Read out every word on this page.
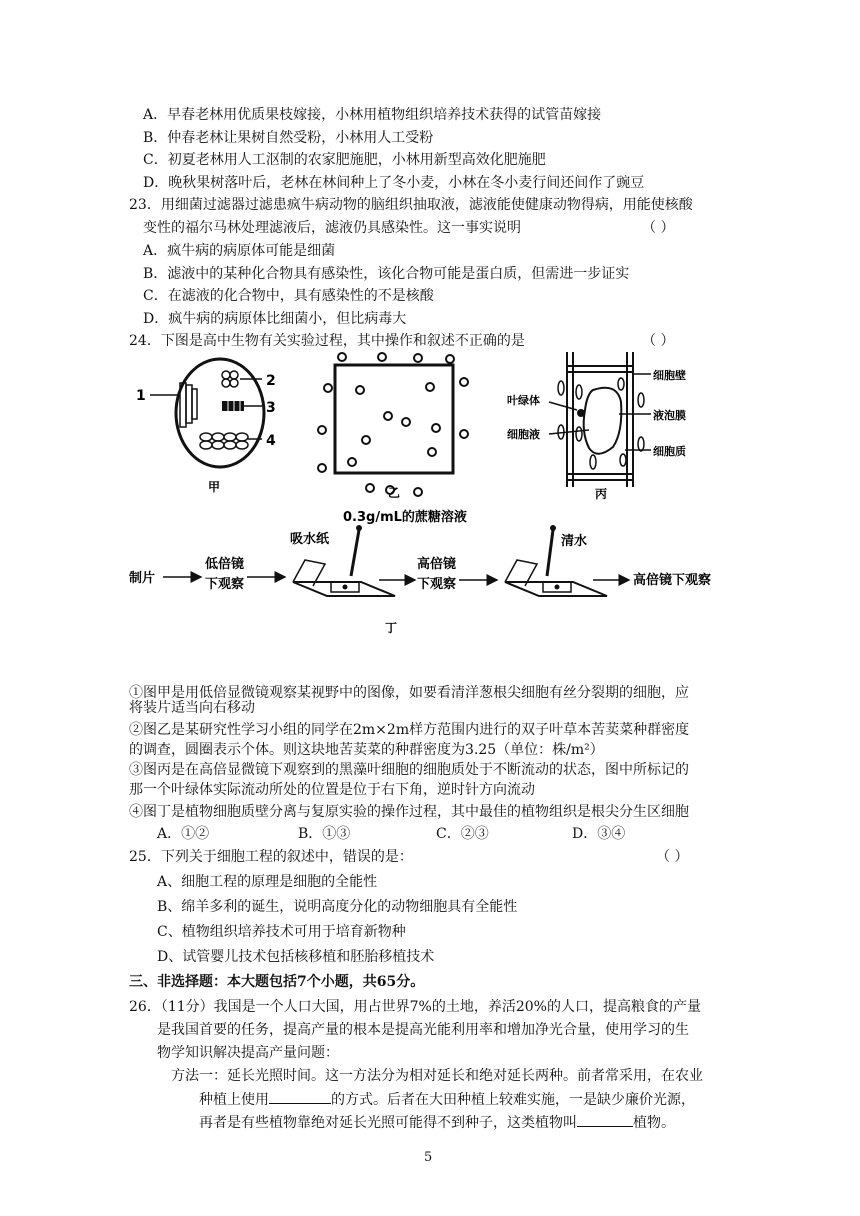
A．早春老林用优质果枝嫁接，小林用植物组织培养技术获得的试管苗嫁接
B．仲春老林让果树自然受粉，小林用人工受粉
C．初夏老林用人工沤制的农家肥施肥，小林用新型高效化肥施肥
D．晚秋果树落叶后，老林在林间种上了冬小麦，小林在冬小麦行间还间作了豌豆
23．用细菌过滤器过滤患疯牛病动物的脑组织抽取液，滤液能使健康动物得病，用能使核酸
变性的福尔马林处理滤液后，滤液仍具感染性。这一事实说明	（ ）
A．疯牛病的病原体可能是细菌
B．滤液中的某种化合物具有感染性，该化合物可能是蛋白质，但需进一步证实
C．在滤液的化合物中，具有感染性的不是核酸
D．疯牛病的病原体比细菌小，但比病毒大
24．下图是高中生物有关实验过程，其中操作和叙述不正确的是	（ ）
1
2
3
4
甲	乙
细胞壁
叶绿体
液泡膜
细胞液
细胞质
丙
0.3g/mL的蔗糖溶液
吸水纸	清水
制片
低倍镜
下观察
高倍镜
下观察	高倍镜下观察
丁
①图甲是用低倍显微镜观察某视野中的图像，如要看清洋葱根尖细胞有丝分裂期的细胞，应
将装片适当向右移动
②图乙是某研究性学习小组的同学在2m×2m样方范围内进行的双子叶草本苦荬菜种群密度
的调查，圆圈表示个体。则这块地苦荬菜的种群密度为3.25（单位：株/m²）
③图丙是在高倍显微镜下观察到的黑藻叶细胞的细胞质处于不断流动的状态，图中所标记的
那一个叶绿体实际流动所处的位置是位于右下角，逆时针方向流动
④图丁是植物细胞质壁分离与复原实验的操作过程，其中最佳的植物组织是根尖分生区细胞
A．①②	B．①③	C．②③	D．③④
25．下列关于细胞工程的叙述中，错误的是：	（ ）
A、细胞工程的原理是细胞的全能性
B、绵羊多利的诞生，说明高度分化的动物细胞具有全能性
C、植物组织培养技术可用于培育新物种
D、试管婴儿技术包括核移植和胚胎移植技术
三、非选择题：本大题包括7个小题，共65分。
26．（11分）我国是一个人口大国，用占世界7%的土地，养活20%的人口，提高粮食的产量
是我国首要的任务，提高产量的根本是提高光能利用率和增加净光合量，使用学习的生
物学知识解决提高产量问题：
方法一：延长光照时间。这一方法分为相对延长和绝对延长两种。前者常采用，在农业
种植上使用	的方式。后者在大田种植上较难实施，一是缺少廉价光源，
再者是有些植物靠绝对延长光照可能得不到种子，这类植物叫	植物。
5
